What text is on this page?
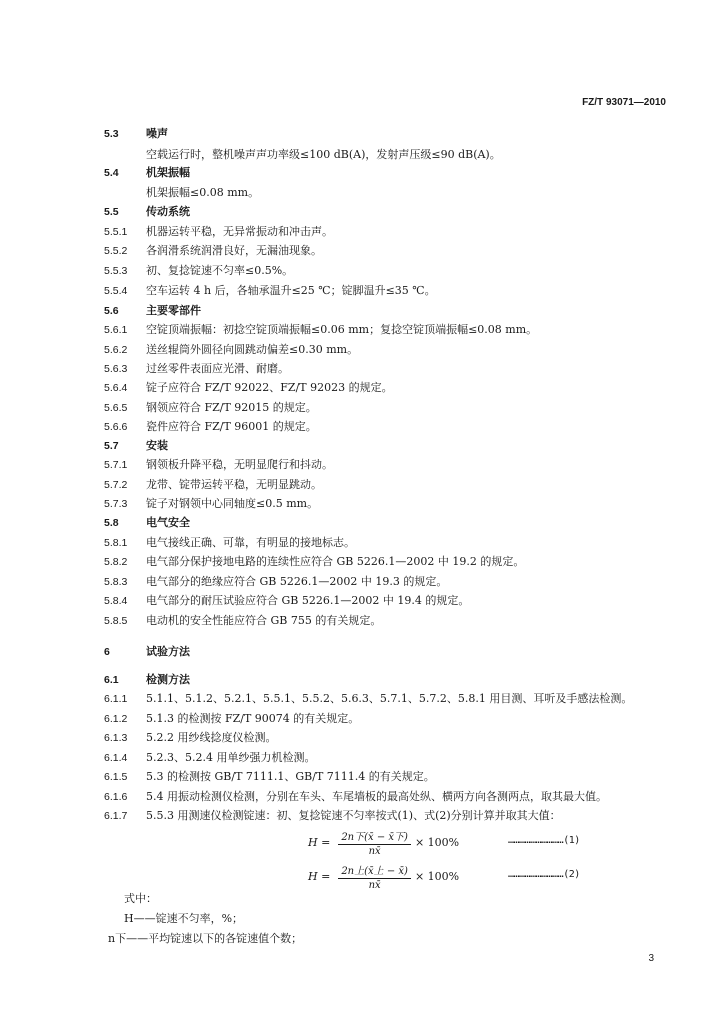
FZ/T 93071—2010
5.3 噪声
空载运行时，整机噪声声功率级≤100 dB(A)，发射声压级≤90 dB(A)。
5.4 机架振幅
机架振幅≤0.08 mm。
5.5 传动系统
5.5.1 机器运转平稳，无异常振动和冲击声。
5.5.2 各润滑系统润滑良好，无漏油现象。
5.5.3 初、复捻锭速不匀率≤0.5%。
5.5.4 空车运转 4 h 后，各轴承温升≤25 ℃；锭脚温升≤35 ℃。
5.6 主要零部件
5.6.1 空锭顶端振幅：初捻空锭顶端振幅≤0.06 mm；复捻空锭顶端振幅≤0.08 mm。
5.6.2 送丝辊筒外圆径向圆跳动偏差≤0.30 mm。
5.6.3 过丝零件表面应光滑、耐磨。
5.6.4 锭子应符合 FZ/T 92022、FZ/T 92023 的规定。
5.6.5 钢领应符合 FZ/T 92015 的规定。
5.6.6 瓷件应符合 FZ/T 96001 的规定。
5.7 安装
5.7.1 钢领板升降平稳，无明显爬行和抖动。
5.7.2 龙带、锭带运转平稳，无明显跳动。
5.7.3 锭子对钢领中心同轴度≤0.5 mm。
5.8 电气安全
5.8.1 电气接线正确、可靠，有明显的接地标志。
5.8.2 电气部分保护接地电路的连续性应符合 GB 5226.1—2002 中 19.2 的规定。
5.8.3 电气部分的绝缘应符合 GB 5226.1—2002 中 19.3 的规定。
5.8.4 电气部分的耐压试验应符合 GB 5226.1—2002 中 19.4 的规定。
5.8.5 电动机的安全性能应符合 GB 755 的有关规定。
6	试验方法
6.1 检测方法
6.1.1 5.1.1、5.1.2、5.2.1、5.5.1、5.5.2、5.6.3、5.7.1、5.7.2、5.8.1 用目测、耳听及手感法检测。
6.1.2 5.1.3 的检测按 FZ/T 90074 的有关规定。
6.1.3 5.2.2 用纱线捻度仪检测。
6.1.4 5.2.3、5.2.4 用单纱强力机检测。
6.1.5 5.3 的检测按 GB/T 7111.1、GB/T 7111.4 的有关规定。
6.1.6 5.4 用振动检测仪检测，分别在车头、车尾墙板的最高处纵、横两方向各测两点，取其最大值。
6.1.7 5.5.3 用测速仪检测锭速：初、复捻锭速不匀率按式(1)、式(2)分别计算并取其大值：
$H = \frac{\text{2n下(x̄ − x̄下)}}{nx̄} \times 100\%$	…………………………(1)
$H = \frac{\text{2n上(x̄上 − x̄)}}{nx̄} \times 100\%$	…………………………(2)
式中：
H——锭速不匀率，%；
n下——平均锭速以下的各锭速值个数；
3
